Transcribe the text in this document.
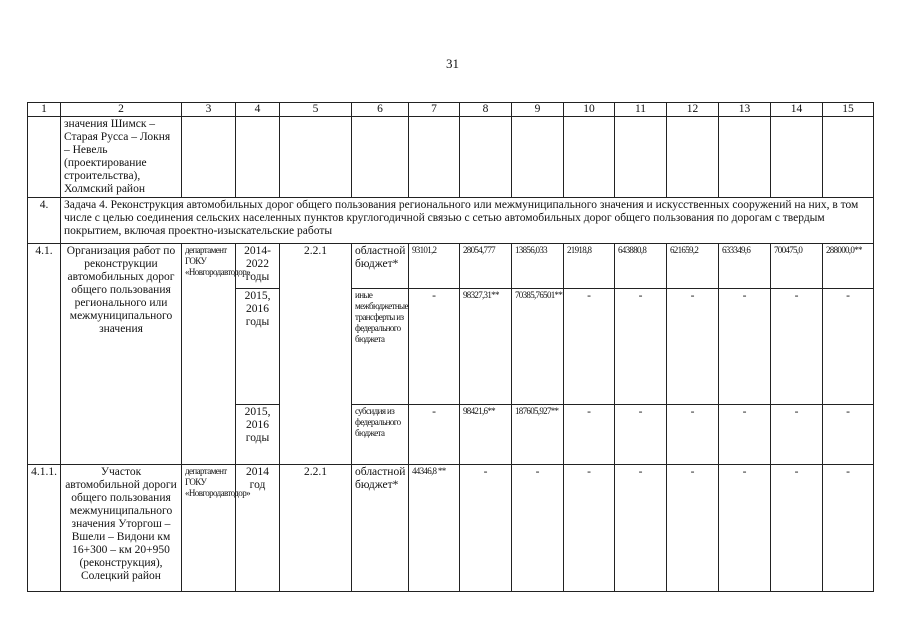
31
1	2	3	4	5	6	7	8	9	10	11	12	13	14	15
	значения Шимск – Старая Русса – Локня – Невель (проектирование строительства), Холмский район													
4.	Задача 4. Реконструкция автомобильных дорог общего пользования регионального или межмуниципального значения и искусственных сооружений на них, в том числе с целью соединения сельских населенных пунктов круглогодичной связью с сетью автомобильных дорог общего пользования по дорогам с твердым покрытием, включая проектно-изыскательские работы													
4.1.	Организация работ по реконструкции автомобильных дорог общего пользования регионального или межмуниципального значения	департамент ГОКУ «Новгородавтодор»	2014-2022 годы	2.2.1	областной бюджет*	93101,2	28054,777	13856,033	21918,8	643880,8	621659,2	633349,6	700475,0	288000,0**
			2015, 2016 годы		иные межбюджетные трансферты из федерального бюджета	-	98327,31**	70385,76501**	-	-	-	-	-	-
			2015, 2016 годы		субсидия из федерального бюджета	-	98421,6**	187605,927**	-	-	-	-	-	-
4.1.1.	Участок автомобильной дороги общего пользования межмуниципального значения Уторгош – Вшели – Видони км 16+300 – км 20+950 (реконструкция), Солецкий район	департамент ГОКУ «Новгородавтодор»	2014 год	2.2.1	областной бюджет*	44346,8 **	-	-	-	-	-	-	-	-
